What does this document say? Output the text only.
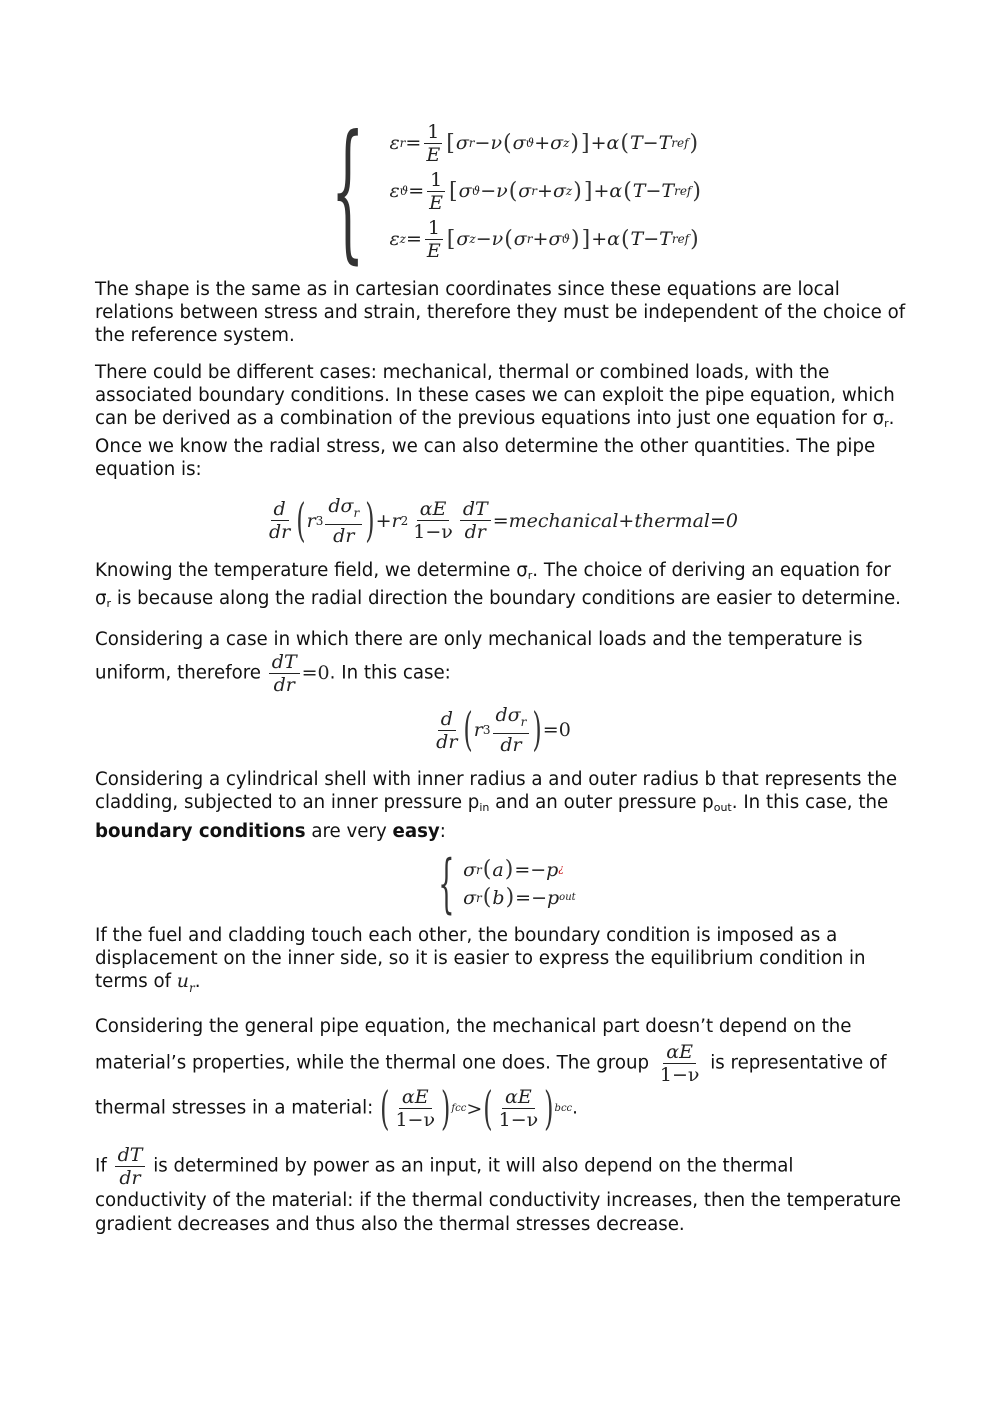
{ ε $r = \frac{1}{E}$ [ σ r − ν ( σ ϑ + σ z ) ] + α ( T − T ref )
ε $ϑ = \frac{1}{E}$ [ σ ϑ − ν ( σ r + σ z ) ] + α ( T − T ref )
ε $z = \frac{1}{E}$ [ σ z − ν ( σ r + σ ϑ ) ] + α ( T − T ref )

The shape is the same as in cartesian coordinates since these equations are local relations between stress and strain, therefore they must be independent of the choice of the reference system.

There could be different cases: mechanical, thermal or combined loads, with the associated boundary conditions. In these cases we can exploit the pipe equation, which can be derived as a combination of the previous equations into just one equation for σr. Once we know the radial stress, we can also determine the other quantities. The pipe equation is:

$\frac{d}{dr}$ ( r $3 \frac{d\sigma_r}{dr}$ ) + r $2 \frac{\alpha E}{1-\nu} \frac{dT}{dr}$ =mechanical+thermal=0

Knowing the temperature field, we determine σr. The choice of deriving an equation for σr is because along the radial direction the boundary conditions are easier to determine.

Considering a case in which there are only mechanical loads and the temperature is uniform, therefore $\frac{dT}{dr} =0$ . In this case:

$\frac{d}{dr}$ ( r $3 \frac{d\sigma_r}{dr}$ ) =0

Considering a cylindrical shell with inner radius a and outer radius b that represents the cladding, subjected to an inner pressure pin and an outer pressure pout. In this case, the boundary conditions are very easy:

{ σ r ( a ) = − p ¿
σ r ( b ) = − p out

If the fuel and cladding touch each other, the boundary condition is imposed as a displacement on the inner side, so it is easier to express the equilibrium condition in terms of $u_r$.

Considering the general pipe equation, the mechanical part doesn’t depend on the material’s properties, while the thermal one does. The group $\frac{\alpha E}{1-\nu}$ is representative of thermal stresses in a material: ( $\frac{\alpha E}{1-\nu}$ ) fcc > ( $\frac{\alpha E}{1-\nu}$ ) bcc .

If $\frac{dT}{dr}$ is determined by power as an input, it will also depend on the thermal conductivity of the material: if the thermal conductivity increases, then the temperature gradient decreases and thus also the thermal stresses decrease.
